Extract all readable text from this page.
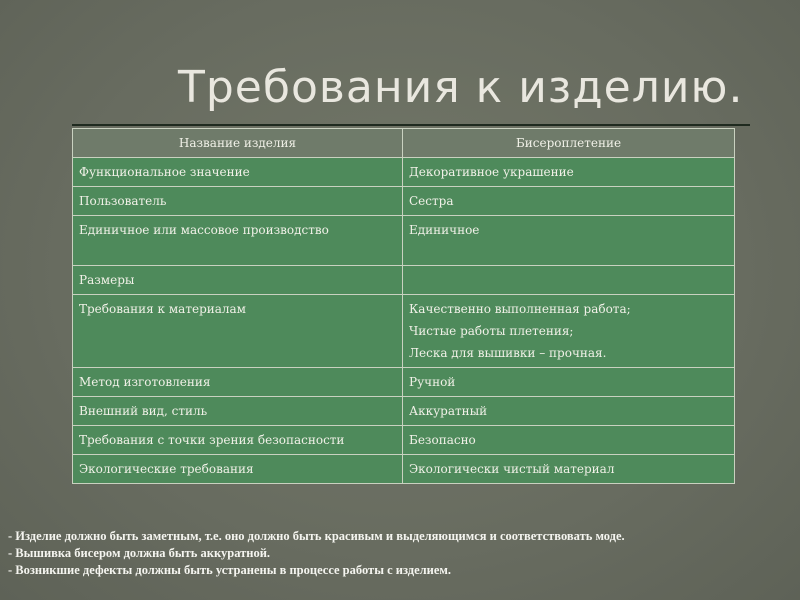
Требования к изделию.
Название изделия	Бисероплетение
Функциональное значение	Декоративное украшение
Пользователь	Сестра
Единичное или массовое производство	Единичное
Размеры	
Требования к материалам	Качественно выполненная работа;
Чистые работы плетения;
Леска для вышивки – прочная.

Метод изготовления	Ручной
Внешний вид, стиль	Аккуратный
Требования с точки зрения безопасности	Безопасно
Экологические требования	Экологически чистый материал
- Изделие должно быть заметным, т.е. оно должно быть красивым и выделяющимся и соответствовать моде.
- Вышивка бисером должна быть аккуратной.
- Возникшие дефекты должны быть устранены в процессе работы с изделием.
